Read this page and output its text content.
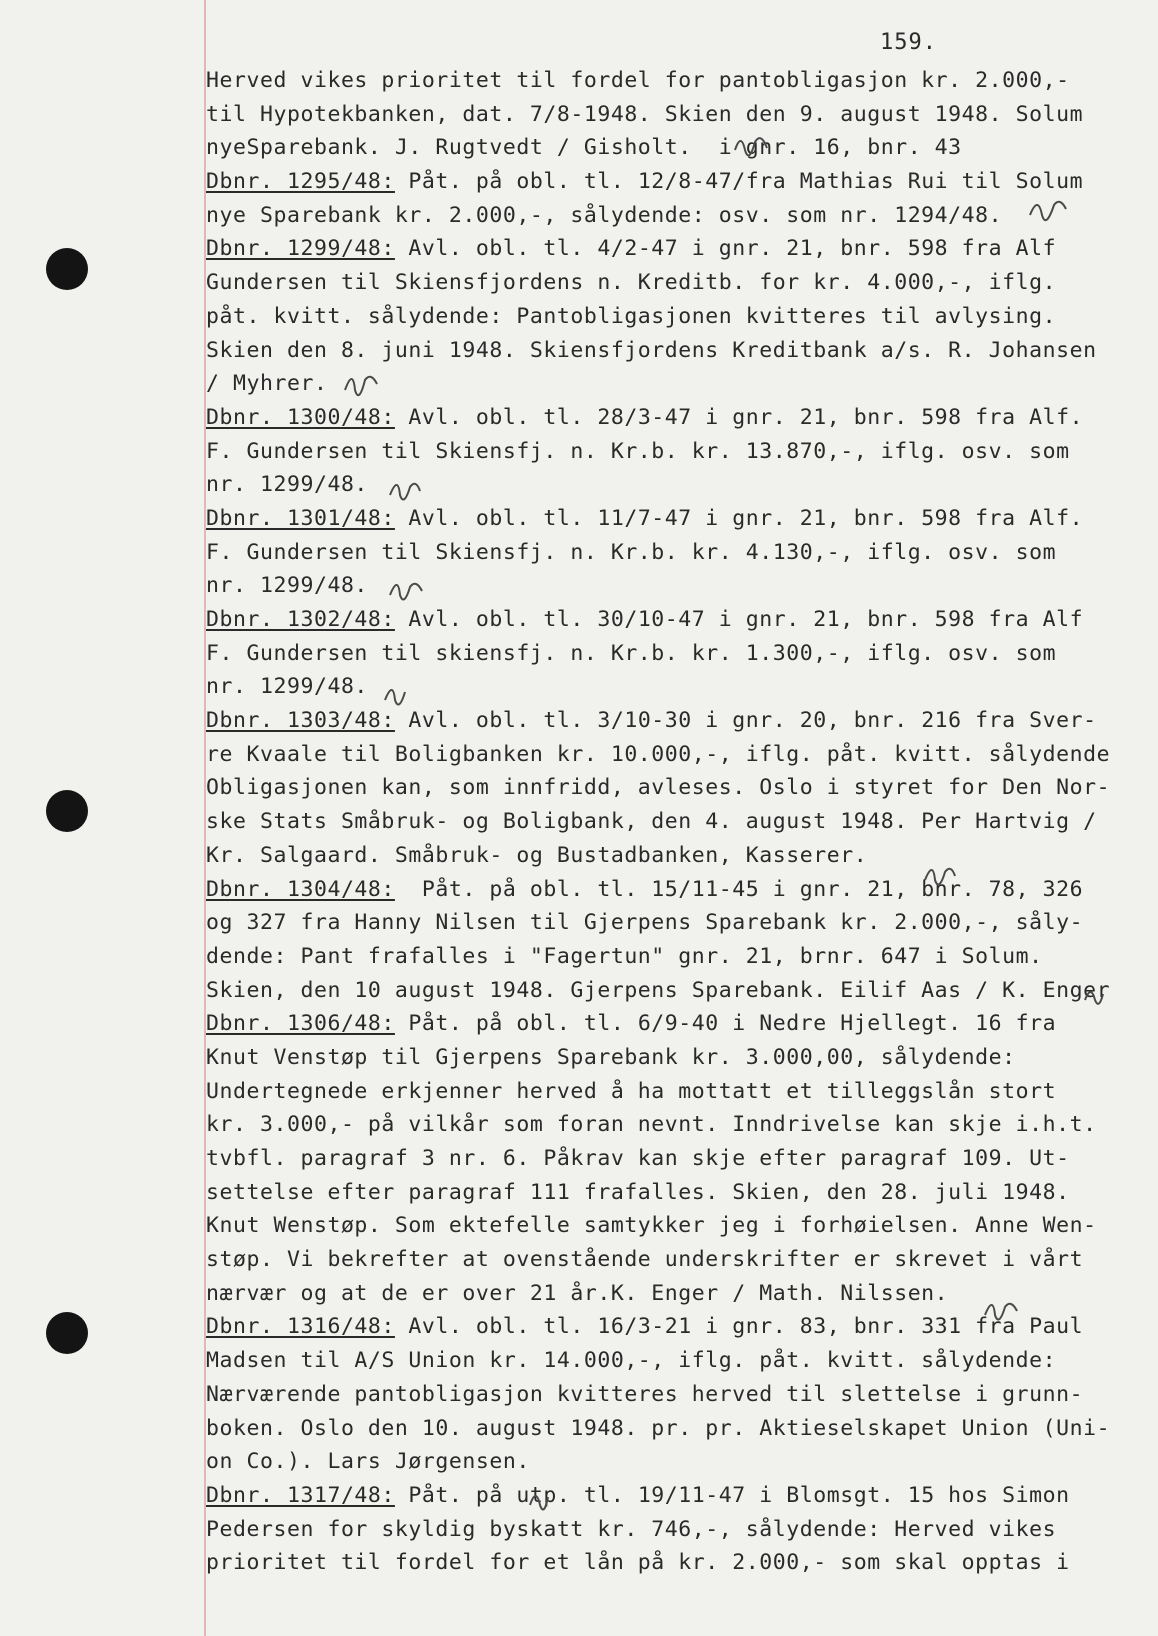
159.
Herved vikes prioritet til fordel for pantobligasjon kr. 2.000,-
til Hypotekbanken, dat. 7/8-1948. Skien den 9. august 1948. Solum
nyeSparebank. J. Rugtvedt / Gisholt.  i gnr. 16, bnr. 43
Dbnr. 1295/48: Påt. på obl. tl. 12/8-47/fra Mathias Rui til Solum
nye Sparebank kr. 2.000,-, sålydende: osv. som nr. 1294/48.
Dbnr. 1299/48: Avl. obl. tl. 4/2-47 i gnr. 21, bnr. 598 fra Alf
Gundersen til Skiensfjordens n. Kreditb. for kr. 4.000,-, iflg.
påt. kvitt. sålydende: Pantobligasjonen kvitteres til avlysing.
Skien den 8. juni 1948. Skiensfjordens Kreditbank a/s. R. Johansen
/ Myhrer.
Dbnr. 1300/48: Avl. obl. tl. 28/3-47 i gnr. 21, bnr. 598 fra Alf.
F. Gundersen til Skiensfj. n. Kr.b. kr. 13.870,-, iflg. osv. som
nr. 1299/48.
Dbnr. 1301/48: Avl. obl. tl. 11/7-47 i gnr. 21, bnr. 598 fra Alf.
F. Gundersen til Skiensfj. n. Kr.b. kr. 4.130,-, iflg. osv. som
nr. 1299/48.
Dbnr. 1302/48: Avl. obl. tl. 30/10-47 i gnr. 21, bnr. 598 fra Alf
F. Gundersen til skiensfj. n. Kr.b. kr. 1.300,-, iflg. osv. som
nr. 1299/48.
Dbnr. 1303/48: Avl. obl. tl. 3/10-30 i gnr. 20, bnr. 216 fra Sver-
re Kvaale til Boligbanken kr. 10.000,-, iflg. påt. kvitt. sålydende
Obligasjonen kan, som innfridd, avleses. Oslo i styret for Den Nor-
ske Stats Småbruk- og Boligbank, den 4. august 1948. Per Hartvig /
Kr. Salgaard. Småbruk- og Bustadbanken, Kasserer.
Dbnr. 1304/48:  Påt. på obl. tl. 15/11-45 i gnr. 21, bnr. 78, 326
og 327 fra Hanny Nilsen til Gjerpens Sparebank kr. 2.000,-, såly-
dende: Pant frafalles i "Fagertun" gnr. 21, brnr. 647 i Solum.
Skien, den 10 august 1948. Gjerpens Sparebank. Eilif Aas / K. Enger
Dbnr. 1306/48: Påt. på obl. tl. 6/9-40 i Nedre Hjellegt. 16 fra
Knut Venstøp til Gjerpens Sparebank kr. 3.000,00, sålydende:
Undertegnede erkjenner herved å ha mottatt et tilleggslån stort
kr. 3.000,- på vilkår som foran nevnt. Inndrivelse kan skje i.h.t.
tvbfl. paragraf 3 nr. 6. Påkrav kan skje efter paragraf 109. Ut-
settelse efter paragraf 111 frafalles. Skien, den 28. juli 1948.
Knut Wenstøp. Som ektefelle samtykker jeg i forhøielsen. Anne Wen-
støp. Vi bekrefter at ovenstående underskrifter er skrevet i vårt
nærvær og at de er over 21 år.K. Enger / Math. Nilssen.
Dbnr. 1316/48: Avl. obl. tl. 16/3-21 i gnr. 83, bnr. 331 fra Paul
Madsen til A/S Union kr. 14.000,-, iflg. påt. kvitt. sålydende:
Nærværende pantobligasjon kvitteres herved til slettelse i grunn-
boken. Oslo den 10. august 1948. pr. pr. Aktieselskapet Union (Uni-
on Co.). Lars Jørgensen.
Dbnr. 1317/48: Påt. på utp. tl. 19/11-47 i Blomsgt. 15 hos Simon
Pedersen for skyldig byskatt kr. 746,-, sålydende: Herved vikes
prioritet til fordel for et lån på kr. 2.000,- som skal opptas i
